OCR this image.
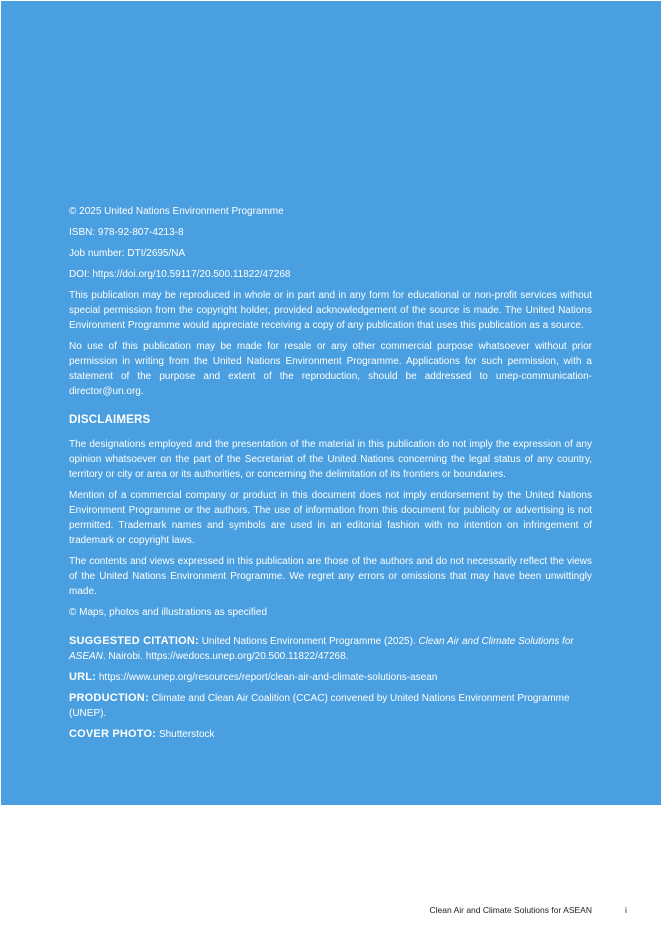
© 2025 United Nations Environment Programme

ISBN: 978-92-807-4213-8

Job number: DTI/2695/NA

DOI: https://doi.org/10.59117/20.500.11822/47268

This publication may be reproduced in whole or in part and in any form for educational or non-profit services without special permission from the copyright holder, provided acknowledgement of the source is made. The United Nations Environment Programme would appreciate receiving a copy of any publication that uses this publication as a source.

No use of this publication may be made for resale or any other commercial purpose whatsoever without prior permission in writing from the United Nations Environment Programme. Applications for such permission, with a statement of the purpose and extent of the reproduction, should be addressed to unep-communication-director@un.org.

DISCLAIMERS

The designations employed and the presentation of the material in this publication do not imply the expression of any opinion whatsoever on the part of the Secretariat of the United Nations concerning the legal status of any country, territory or city or area or its authorities, or concerning the delimitation of its frontiers or boundaries.

Mention of a commercial company or product in this document does not imply endorsement by the United Nations Environment Programme or the authors. The use of information from this document for publicity or advertising is not permitted. Trademark names and symbols are used in an editorial fashion with no intention on infringement of trademark or copyright laws.

The contents and views expressed in this publication are those of the authors and do not necessarily reflect the views of the United Nations Environment Programme. We regret any errors or omissions that may have been unwittingly made.

© Maps, photos and illustrations as specified

SUGGESTED CITATION: United Nations Environment Programme (2025). Clean Air and Climate Solutions for ASEAN. Nairobi. https://wedocs.unep.org/20.500.11822/47268.

URL: https://www.unep.org/resources/report/clean-air-and-climate-solutions-asean

PRODUCTION: Climate and Clean Air Coalition (CCAC) convened by United Nations Environment Programme (UNEP).

COVER PHOTO: Shutterstock

Clean Air and Climate Solutions for ASEAN	i
